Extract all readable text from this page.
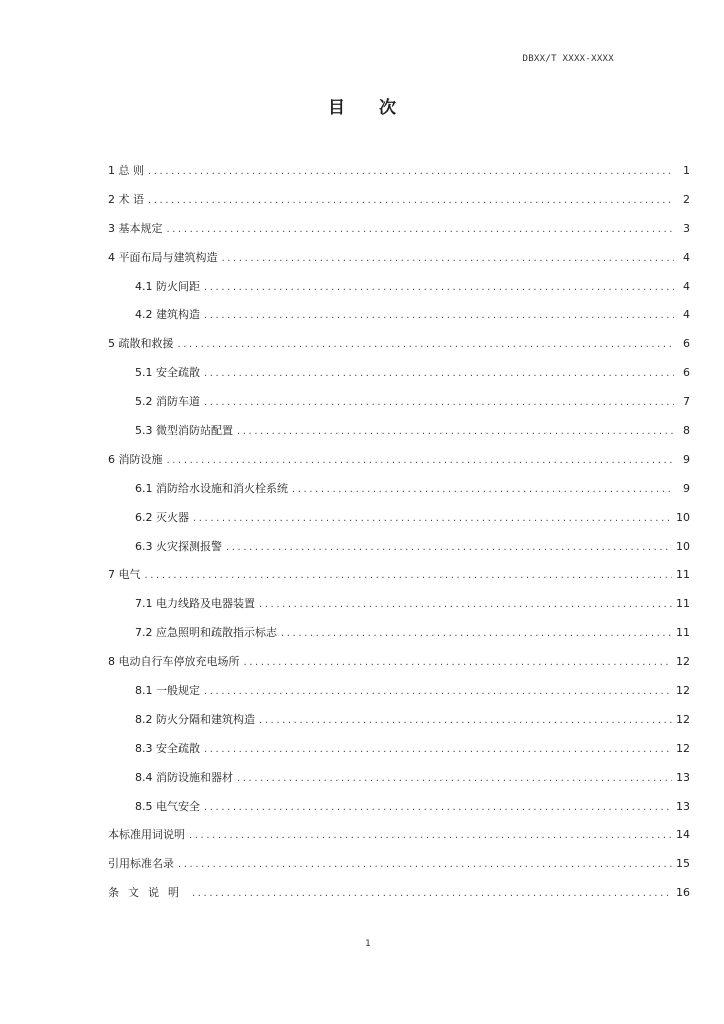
DBXX/T XXXX-XXXX
目次
1 总 则 .....	1
2 术 语 .....	2
3 基本规定 .....	3
4 平面布局与建筑构造 .....	4
4.1 防火间距 .....	4
4.2 建筑构造 .....	4
5 疏散和救援 .....	6
5.1 安全疏散 .....	6
5.2 消防车道 .....	7
5.3 微型消防站配置 .....	8
6 消防设施 .....	9
6.1 消防给水设施和消火栓系统 .....	9
6.2 灭火器 .....	10
6.3 火灾探测报警 .....	10
7 电气 .....	11
7.1 电力线路及电器装置 .....	11
7.2 应急照明和疏散指示标志 .....	11
8 电动自行车停放充电场所 .....	12
8.1 一般规定 .....	12
8.2 防火分隔和建筑构造 .....	12
8.3 安全疏散 .....	12
8.4 消防设施和器材 .....	13
8.5 电气安全 .....	13
本标准用词说明 .....	14
引用标准名录 .....	15
条文说明 .....	16
1
